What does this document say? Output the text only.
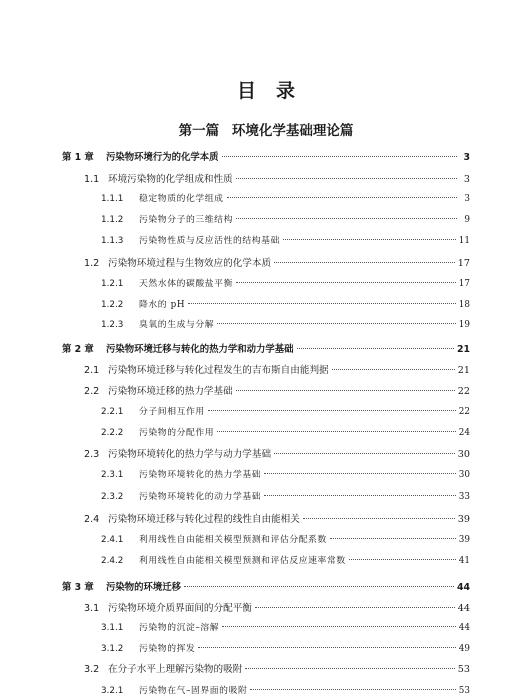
目录
第一篇 环境化学基础理论篇
第 1 章	污染物环境行为的化学本质	3
1.1 环境污染物的化学组成和性质	3
1.1.1	稳定物质的化学组成	3
1.1.2	污染物分子的三维结构	9
1.1.3	污染物性质与反应活性的结构基础	11
1.2 污染物环境过程与生物效应的化学本质	17
1.2.1	天然水体的碳酸盐平衡	17
1.2.2	降水的 pH	18
1.2.3	臭氧的生成与分解	19
第 2 章	污染物环境迁移与转化的热力学和动力学基础	21
2.1 污染物环境迁移与转化过程发生的吉布斯自由能判据	21
2.2 污染物环境迁移的热力学基础	22
2.2.1	分子间相互作用	22
2.2.2	污染物的分配作用	24
2.3 污染物环境转化的热力学与动力学基础	30
2.3.1	污染物环境转化的热力学基础	30
2.3.2	污染物环境转化的动力学基础	33
2.4 污染物环境迁移与转化过程的线性自由能相关	39
2.4.1	利用线性自由能相关模型预测和评估分配系数	39
2.4.2	利用线性自由能相关模型预测和评估反应速率常数	41
第 3 章	污染物的环境迁移	44
3.1 污染物环境介质界面间的分配平衡	44
3.1.1	污染物的沉淀–溶解	44
3.1.2	污染物的挥发	49
3.2 在分子水平上理解污染物的吸附	53
3.2.1	污染物在气–固界面的吸附	53
